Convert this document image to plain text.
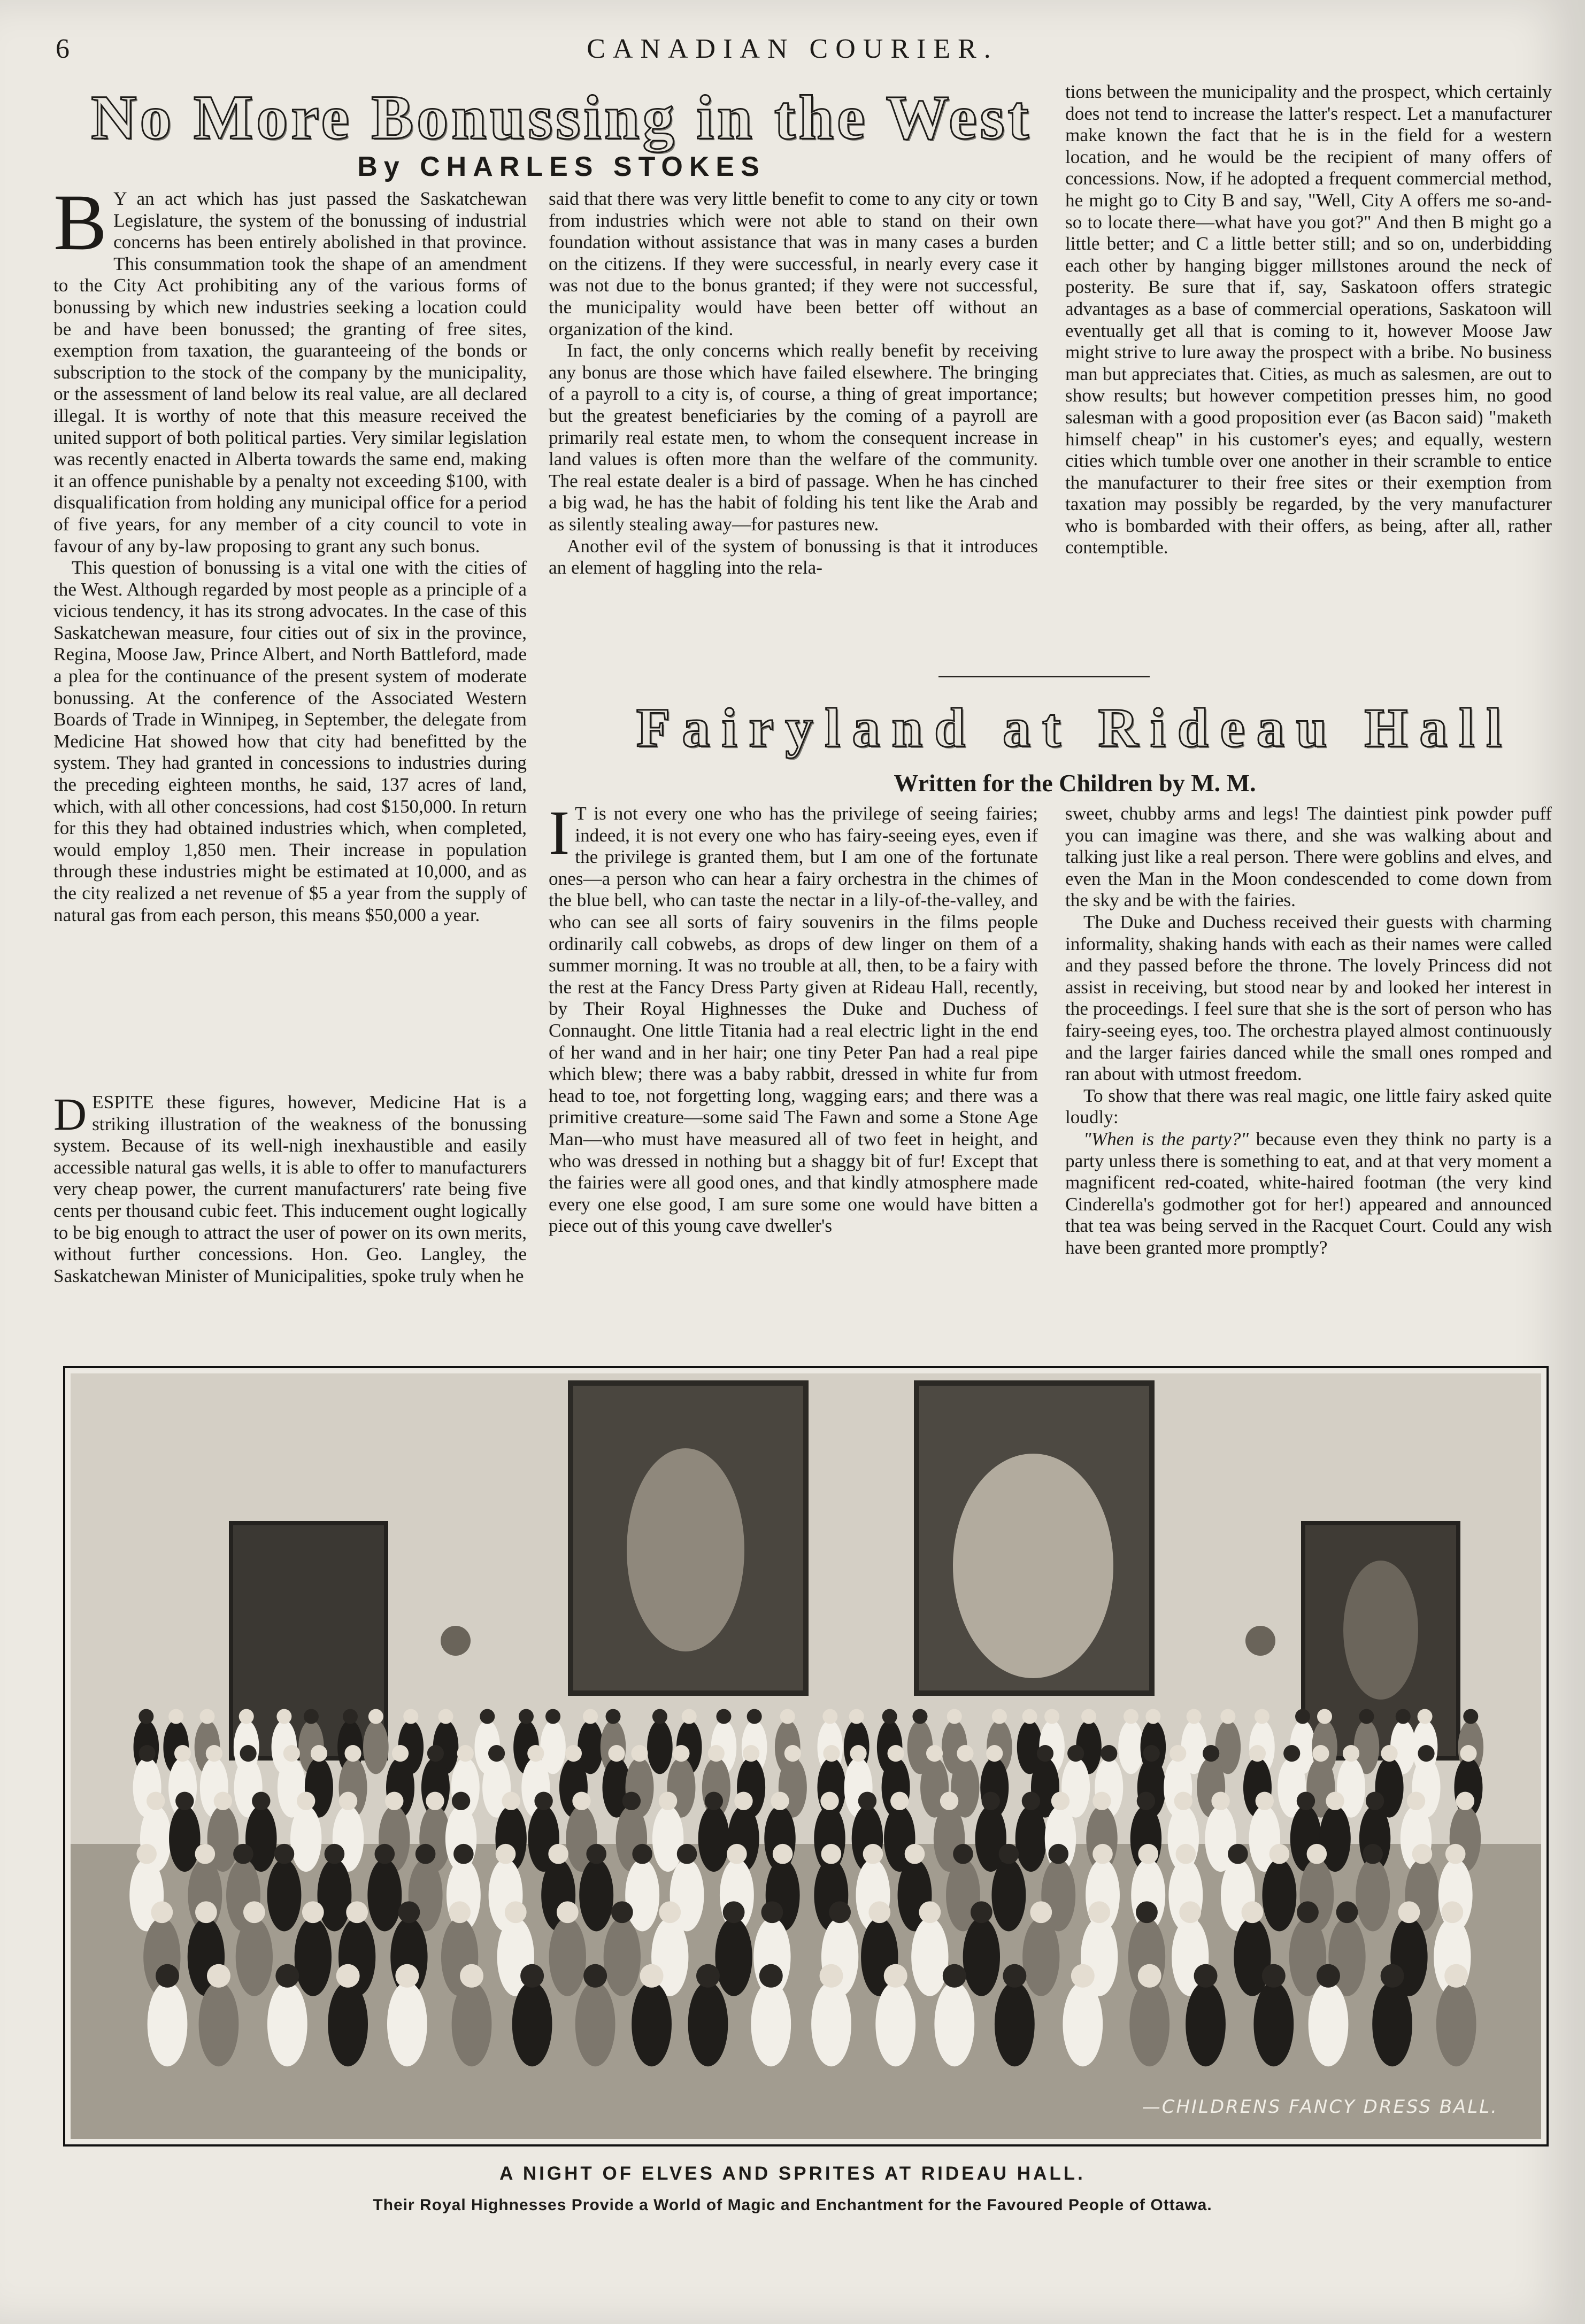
6	CANADIAN COURIER.
No More Bonussing in the West
By CHARLES STOKES

B Y an act which has just passed the Saskatchewan Legislature, the system of the bonussing of industrial concerns has been entirely abolished in that province. This consummation took the shape of an amendment to the City Act prohibiting any of the various forms of bonussing by which new industries seeking a location could be and have been bonussed; the granting of free sites, exemption from taxation, the guaranteeing of the bonds or subscription to the stock of the company by the municipality, or the assessment of land below its real value, are all declared illegal. It is worthy of note that this measure received the united support of both political parties. Very similar legislation was recently enacted in Alberta towards the same end, making it an offence punishable by a penalty not exceeding $100, with disqualification from holding any municipal office for a period of five years, for any member of a city council to vote in favour of any by-law proposing to grant any such bonus.

This question of bonussing is a vital one with the cities of the West. Although regarded by most people as a principle of a vicious tendency, it has its strong advocates. In the case of this Saskatchewan measure, four cities out of six in the province, Regina, Moose Jaw, Prince Albert, and North Battleford, made a plea for the continuance of the present system of moderate bonussing. At the conference of the Associated Western Boards of Trade in Winnipeg, in September, the delegate from Medicine Hat showed how that city had benefitted by the system. They had granted in concessions to industries during the preceding eighteen months, he said, 137 acres of land, which, with all other concessions, had cost $150,000. In return for this they had obtained industries which, when completed, would employ 1,850 men. Their increase in population through these industries might be estimated at 10,000, and as the city realized a net revenue of $5 a year from the supply of natural gas from each person, this means $50,000 a year.

DESPITE these figures, however, Medicine Hat is a striking illustration of the weakness of the bonussing system. Because of its well-nigh inexhaustible and easily accessible natural gas wells, it is able to offer to manufacturers very cheap power, the current manufacturers' rate being five cents per thousand cubic feet. This inducement ought logically to be big enough to attract the user of power on its own merits, without further concessions. Hon. Geo. Langley, the Saskatchewan Minister of Municipalities, spoke truly when he

said that there was very little benefit to come to any city or town from industries which were not able to stand on their own foundation without assistance that was in many cases a burden on the citizens. If they were successful, in nearly every case it was not due to the bonus granted; if they were not successful, the municipality would have been better off without an organization of the kind.

In fact, the only concerns which really benefit by receiving any bonus are those which have failed elsewhere. The bringing of a payroll to a city is, of course, a thing of great importance; but the greatest beneficiaries by the coming of a payroll are primarily real estate men, to whom the consequent increase in land values is often more than the welfare of the community. The real estate dealer is a bird of passage. When he has cinched a big wad, he has the habit of folding his tent like the Arab and as silently stealing away—for pastures new.

Another evil of the system of bonussing is that it introduces an element of haggling into the rela-

tions between the municipality and the prospect, which certainly does not tend to increase the latter's respect. Let a manufacturer make known the fact that he is in the field for a western location, and he would be the recipient of many offers of concessions. Now, if he adopted a frequent commercial method, he might go to City B and say, "Well, City A offers me so-and-so to locate there—what have you got?" And then B might go a little better; and C a little better still; and so on, underbidding each other by hanging bigger millstones around the neck of posterity. Be sure that if, say, Saskatoon offers strategic advantages as a base of commercial operations, Saskatoon will eventually get all that is coming to it, however Moose Jaw might strive to lure away the prospect with a bribe. No business man but appreciates that. Cities, as much as salesmen, are out to show results; but however competition presses him, no good salesman with a good proposition ever (as Bacon said) "maketh himself cheap" in his customer's eyes; and equally, western cities which tumble over one another in their scramble to entice the manufacturer to their free sites or their exemption from taxation may possibly be regarded, by the very manufacturer who is bombarded with their offers, as being, after all, rather contemptible.

Fairyland at Rideau Hall
Written for the Children by M. M.

I T is not every one who has the privilege of seeing fairies; indeed, it is not every one who has fairy-seeing eyes, even if the privilege is granted them, but I am one of the fortunate ones—a person who can hear a fairy orchestra in the chimes of the blue bell, who can taste the nectar in a lily-of-the-valley, and who can see all sorts of fairy souvenirs in the films people ordinarily call cobwebs, as drops of dew linger on them of a summer morning. It was no trouble at all, then, to be a fairy with the rest at the Fancy Dress Party given at Rideau Hall, recently, by Their Royal Highnesses the Duke and Duchess of Connaught. One little Titania had a real electric light in the end of her wand and in her hair; one tiny Peter Pan had a real pipe which blew; there was a baby rabbit, dressed in white fur from head to toe, not forgetting long, wagging ears; and there was a primitive creature—some said The Fawn and some a Stone Age Man—who must have measured all of two feet in height, and who was dressed in nothing but a shaggy bit of fur! Except that the fairies were all good ones, and that kindly atmosphere made every one else good, I am sure some one would have bitten a piece out of this young cave dweller's

sweet, chubby arms and legs! The daintiest pink powder puff you can imagine was there, and she was walking about and talking just like a real person. There were goblins and elves, and even the Man in the Moon condescended to come down from the sky and be with the fairies.

The Duke and Duchess received their guests with charming informality, shaking hands with each as their names were called and they passed before the throne. The lovely Princess did not assist in receiving, but stood near by and looked her interest in the proceedings. I feel sure that she is the sort of person who has fairy-seeing eyes, too. The orchestra played almost continuously and the larger fairies danced while the small ones romped and ran about with utmost freedom.

To show that there was real magic, one little fairy asked quite loudly:

"When is the party?" because even they think no party is a party unless there is something to eat, and at that very moment a magnificent red-coated, white-haired footman (the very kind Cinderella's godmother got for her!) appeared and announced that tea was being served in the Racquet Court. Could any wish have been granted more promptly?

—CHILDRENS FANCY DRESS BALL.
A NIGHT OF ELVES AND SPRITES AT RIDEAU HALL.
Their Royal Highnesses Provide a World of Magic and Enchantment for the Favoured People of Ottawa.
